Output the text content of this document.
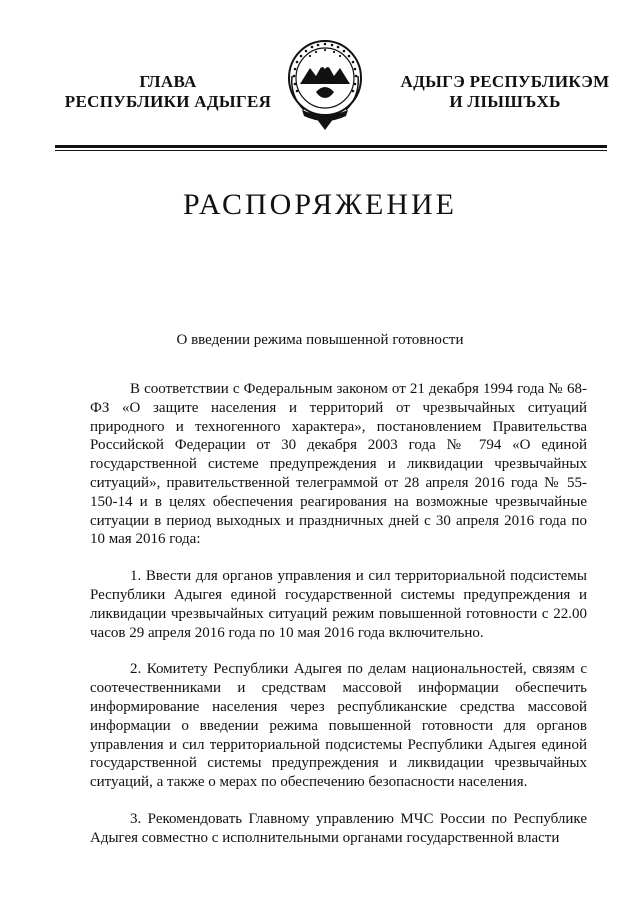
ГЛАВА
РЕСПУБЛИКИ АДЫГЕЯ
АДЫГЭ РЕСПУБЛИКЭМ
И ЛІЫШЪХЬ
РАСПОРЯЖЕНИЕ
О введении режима повышенной готовности

В соответствии с Федеральным законом от 21 декабря 1994 года № 68-ФЗ «О защите населения и территорий от чрезвычайных ситуаций природного и техногенного характера», постановлением Правительства Российской Федерации от 30 декабря 2003 года № 794 «О единой государственной системе предупреждения и ликвидации чрезвычайных ситуаций», правительственной телеграммой от 28 апреля 2016 года № 55-150-14 и в целях обеспечения реагирования на возможные чрезвычайные ситуации в период выходных и праздничных дней с 30 апреля 2016 года по 10 мая 2016 года:

1. Ввести для органов управления и сил территориальной подсистемы Республики Адыгея единой государственной системы предупреждения и ликвидации чрезвычайных ситуаций режим повышенной готовности с 22.00 часов 29 апреля 2016 года по 10 мая 2016 года включительно.

2. Комитету Республики Адыгея по делам национальностей, связям с соотечественниками и средствам массовой информации обеспечить информирование населения через республиканские средства массовой информации о введении режима повышенной готовности для органов управления и сил территориальной подсистемы Республики Адыгея единой государственной системы предупреждения и ликвидации чрезвычайных ситуаций, а также о мерах по обеспечению безопасности населения.

3. Рекомендовать Главному управлению МЧС России по Республике Адыгея совместно с исполнительными органами государственной власти
